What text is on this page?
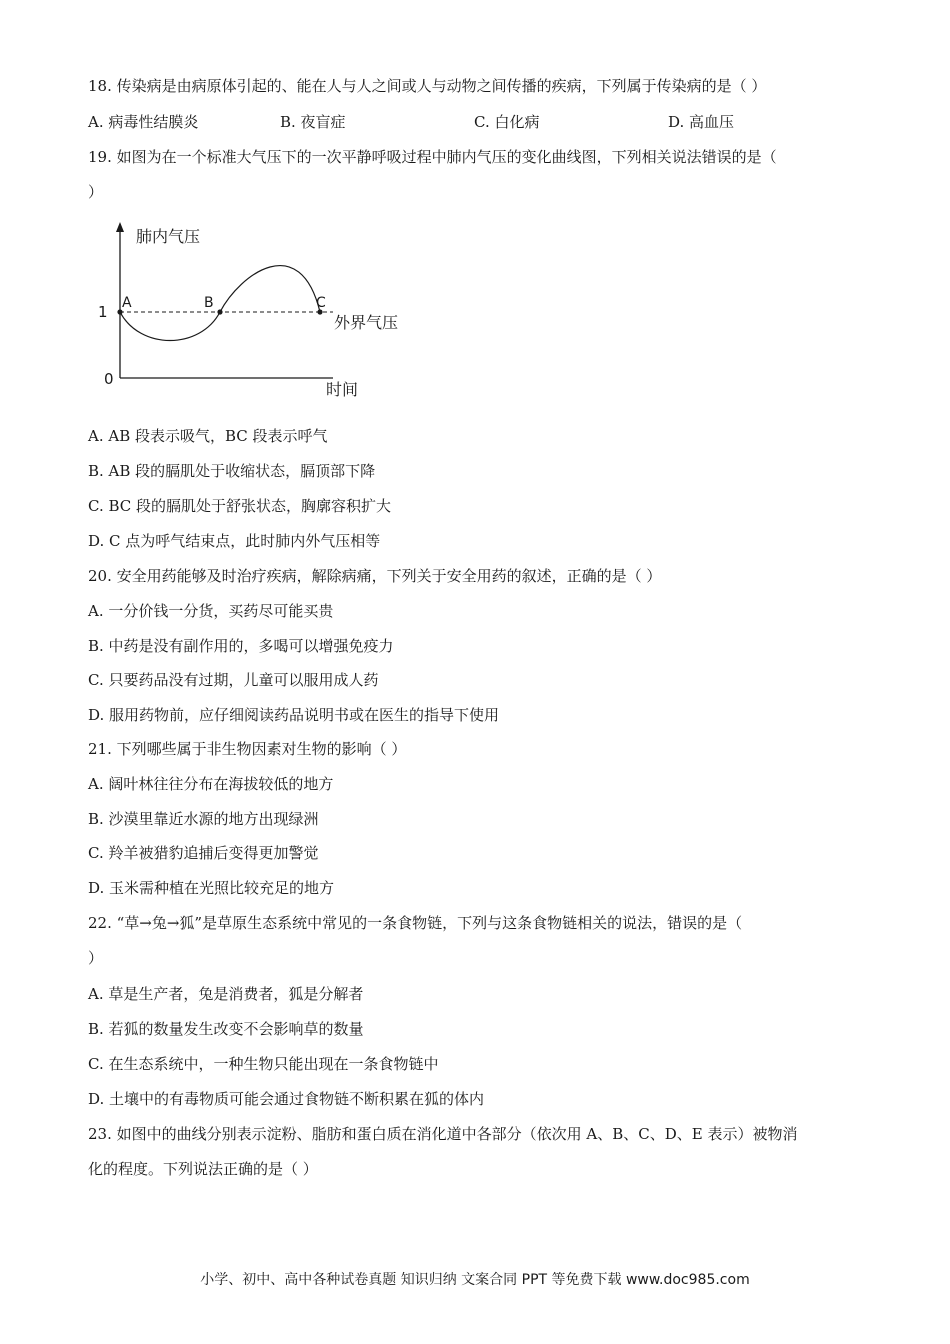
18. 传染病是由病原体引起的、能在人与人之间或人与动物之间传播的疾病，下列属于传染病的是（ ）
A. 病毒性结膜炎	B. 夜盲症	C. 白化病	D. 高血压
19. 如图为在一个标准大气压下的一次平静呼吸过程中肺内气压的变化曲线图，下列相关说法错误的是（
）
肺内气压
时间
0
1
外界气压
A	B	C
A. AB 段表示吸气，BC 段表示呼气
B. AB 段的膈肌处于收缩状态，膈顶部下降
C. BC 段的膈肌处于舒张状态，胸廓容积扩大
D. C 点为呼气结束点，此时肺内外气压相等
20. 安全用药能够及时治疗疾病，解除病痛，下列关于安全用药的叙述，正确的是（ ）
A. 一分价钱一分货，买药尽可能买贵
B. 中药是没有副作用的，多喝可以增强免疫力
C. 只要药品没有过期，儿童可以服用成人药
D. 服用药物前，应仔细阅读药品说明书或在医生的指导下使用
21. 下列哪些属于非生物因素对生物的影响（ ）
A. 阔叶林往往分布在海拔较低的地方
B. 沙漠里靠近水源的地方出现绿洲
C. 羚羊被猎豹追捕后变得更加警觉
D. 玉米需种植在光照比较充足的地方
22. “草→兔→狐”是草原生态系统中常见的一条食物链，下列与这条食物链相关的说法，错误的是（
）
A. 草是生产者，兔是消费者，狐是分解者
B. 若狐的数量发生改变不会影响草的数量
C. 在生态系统中，一种生物只能出现在一条食物链中
D. 土壤中的有毒物质可能会通过食物链不断积累在狐的体内
23. 如图中的曲线分别表示淀粉、脂肪和蛋白质在消化道中各部分（依次用 A、B、C、D、E 表示）被物消
化的程度。下列说法正确的是（ ）
小学、初中、高中各种试卷真题 知识归纳 文案合同 PPT 等免费下载 www.doc985.com
